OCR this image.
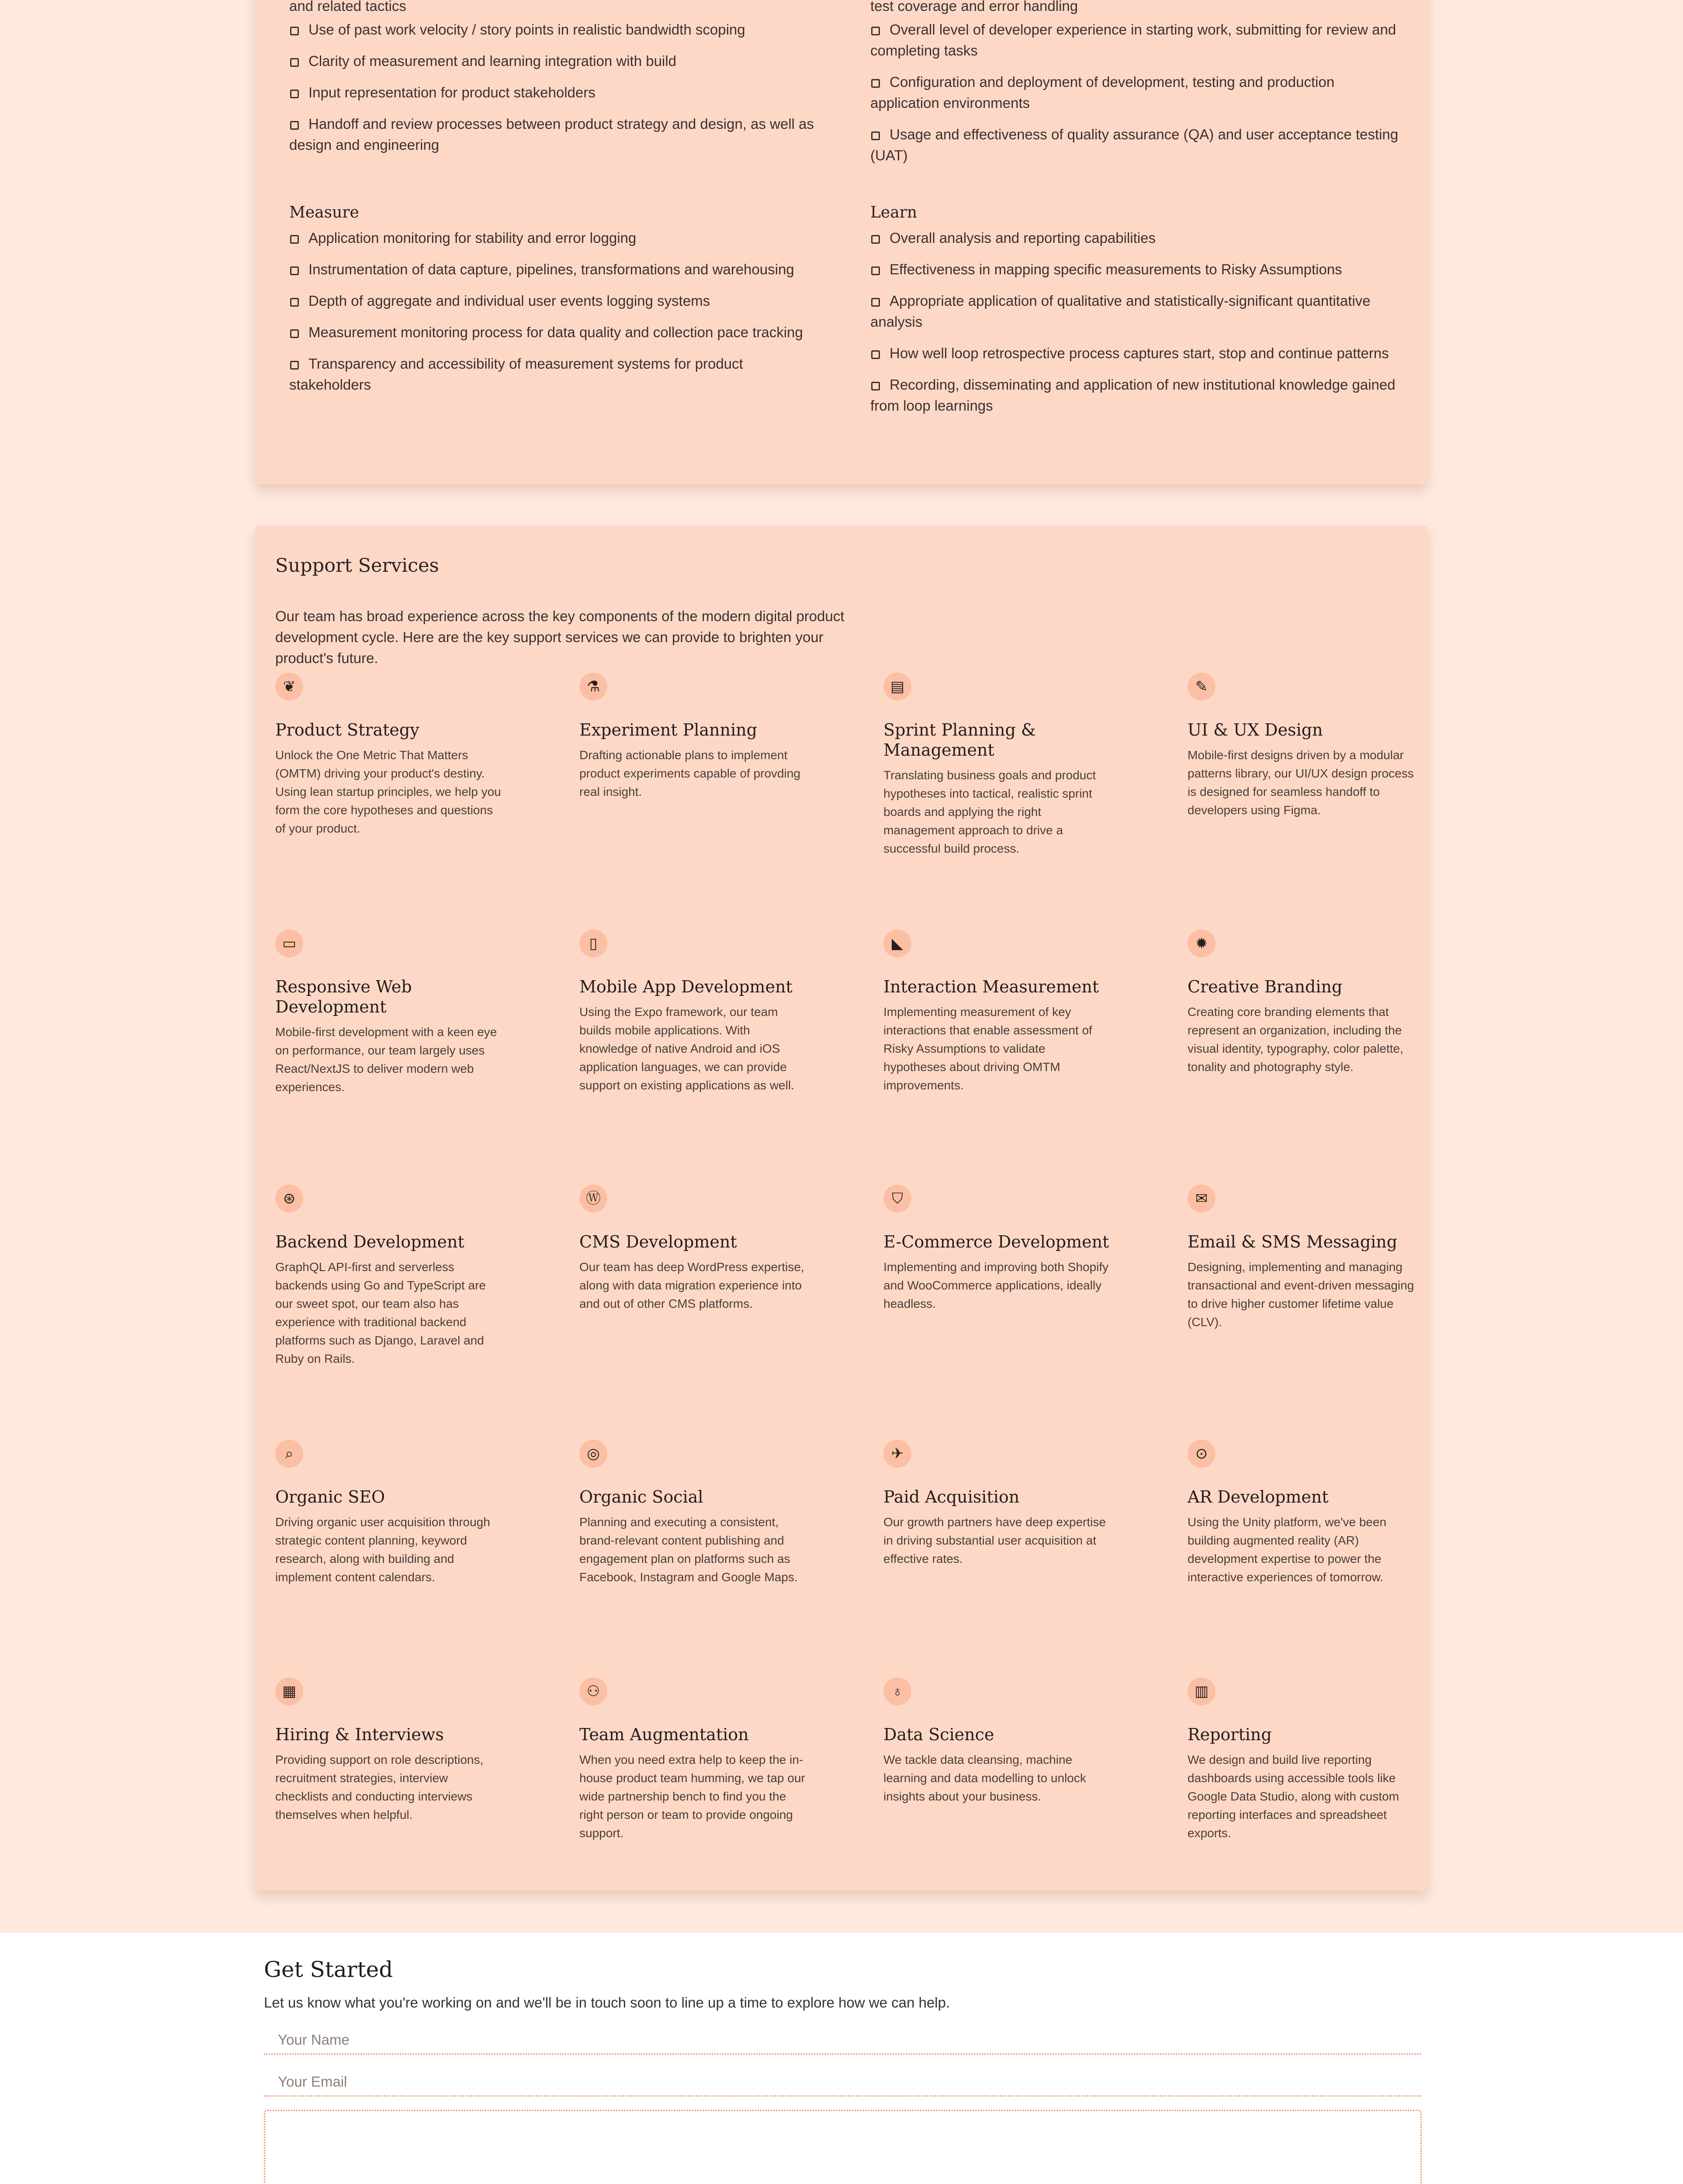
and related tactics
Use of past work velocity / story points in realistic bandwidth scoping
Clarity of measurement and learning integration with build
Input representation for product stakeholders
Handoff and review processes between product strategy and design, as well as design and engineering
test coverage and error handling
Overall level of developer experience in starting work, submitting for review and completing tasks
Configuration and deployment of development, testing and production application environments
Usage and effectiveness of quality assurance (QA) and user acceptance testing (UAT)
Measure
Application monitoring for stability and error logging
Instrumentation of data capture, pipelines, transformations and warehousing
Depth of aggregate and individual user events logging systems
Measurement monitoring process for data quality and collection pace tracking
Transparency and accessibility of measurement systems for product stakeholders
Learn
Overall analysis and reporting capabilities
Effectiveness in mapping specific measurements to Risky Assumptions
Appropriate application of qualitative and statistically-significant quantitative analysis
How well loop retrospective process captures start, stop and continue patterns
Recording, disseminating and application of new institutional knowledge gained from loop learnings
Support Services

Our team has broad experience across the key components of the modern digital product development cycle. Here are the key support services we can provide to brighten your product's future.

❦
Product Strategy
Unlock the One Metric That Matters (OMTM) driving your product's destiny. Using lean startup principles, we help you form the core hypotheses and questions of your product.
⚗
Experiment Planning
Drafting actionable plans to implement product experiments capable of provding real insight.
▤
Sprint Planning & Management
Translating business goals and product hypotheses into tactical, realistic sprint boards and applying the right management approach to drive a successful build process.
✎
UI & UX Design
Mobile-first designs driven by a modular patterns library, our UI/UX design process is designed for seamless handoff to developers using Figma.
▭
Responsive Web Development
Mobile-first development with a keen eye on performance, our team largely uses React/NextJS to deliver modern web experiences.
▯
Mobile App Development
Using the Expo framework, our team builds mobile applications. With knowledge of native Android and iOS application languages, we can provide support on existing applications as well.
◣
Interaction Measurement
Implementing measurement of key interactions that enable assessment of Risky Assumptions to validate hypotheses about driving OMTM improvements.
✹
Creative Branding
Creating core branding elements that represent an organization, including the visual identity, typography, color palette, tonality and photography style.
⊛
Backend Development
GraphQL API-first and serverless backends using Go and TypeScript are our sweet spot, our team also has experience with traditional backend platforms such as Django, Laravel and Ruby on Rails.
Ⓦ
CMS Development
Our team has deep WordPress expertise, along with data migration experience into and out of other CMS platforms.
⛉
E-Commerce Development
Implementing and improving both Shopify and WooCommerce applications, ideally headless.
✉
Email & SMS Messaging
Designing, implementing and managing transactional and event-driven messaging to drive higher customer lifetime value (CLV).
⌕
Organic SEO
Driving organic user acquisition through strategic content planning, keyword research, along with building and implement content calendars.
◎
Organic Social
Planning and executing a consistent, brand-relevant content publishing and engagement plan on platforms such as Facebook, Instagram and Google Maps.
✈
Paid Acquisition
Our growth partners have deep expertise in driving substantial user acquisition at effective rates.
⊙
AR Development
Using the Unity platform, we've been building augmented reality (AR) development expertise to power the interactive experiences of tomorrow.
▦
Hiring & Interviews
Providing support on role descriptions, recruitment strategies, interview checklists and conducting interviews themselves when helpful.
⚇
Team Augmentation
When you need extra help to keep the in-house product team humming, we tap our wide partnership bench to find you the right person or team to provide ongoing support.
♁
Data Science
We tackle data cleansing, machine learning and data modelling to unlock insights about your business.
▥
Reporting
We design and build live reporting dashboards using accessible tools like Google Data Studio, along with custom reporting interfaces and spreadsheet exports.
Get Started
Let us know what you're working on and we'll be in touch soon to line up a time to explore how we can help.
Your Name
Your Email
